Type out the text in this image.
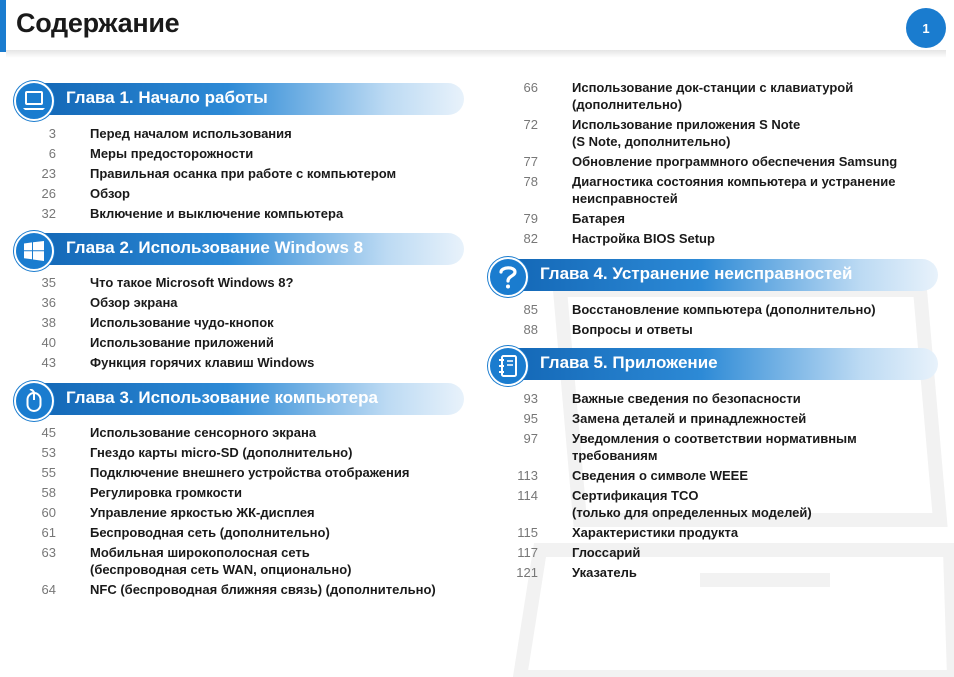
Содержание	1
Глава 1. Начало работы
3	Перед началом использования
6	Меры предосторожности
23	Правильная осанка при работе с компьютером
26	Обзор
32	Включение и выключение компьютера
Глава 2. Использование Windows 8
35	Что такое Microsoft Windows 8?
36	Обзор экрана
38	Использование чудо-кнопок
40	Использование приложений
43	Функция горячих клавиш Windows
Глава 3. Использование компьютера
45	Использование сенсорного экрана
53	Гнездо карты micro-SD (дополнительно)
55	Подключение внешнего устройства отображения
58	Регулировка громкости
60	Управление яркостью ЖК-дисплея
61	Беспроводная сеть (дополнительно)
63	Мобильная широкополосная сеть
(беспроводная сеть WAN, опционально)
64	NFC (беспроводная ближняя связь) (дополнительно)
66	Использование док-станции с клавиатурой
(дополнительно)
72	Использование приложения S Note
(S Note, дополнительно)
77	Обновление программного обеспечения Samsung
78	Диагностика состояния компьютера и устранение
неисправностей
79	Батарея
82	Настройка BIOS Setup
Глава 4. Устранение неисправностей
85	Восстановление компьютера (дополнительно)
88	Вопросы и ответы
Глава 5. Приложение
93	Важные сведения по безопасности
95	Замена деталей и принадлежностей
97	Уведомления о соответствии нормативным
требованиям
113	Сведения о символе WEEE
114	Сертификация TCO
(только для определенных моделей)
115	Характеристики продукта
117	Глоссарий
121	Указатель
